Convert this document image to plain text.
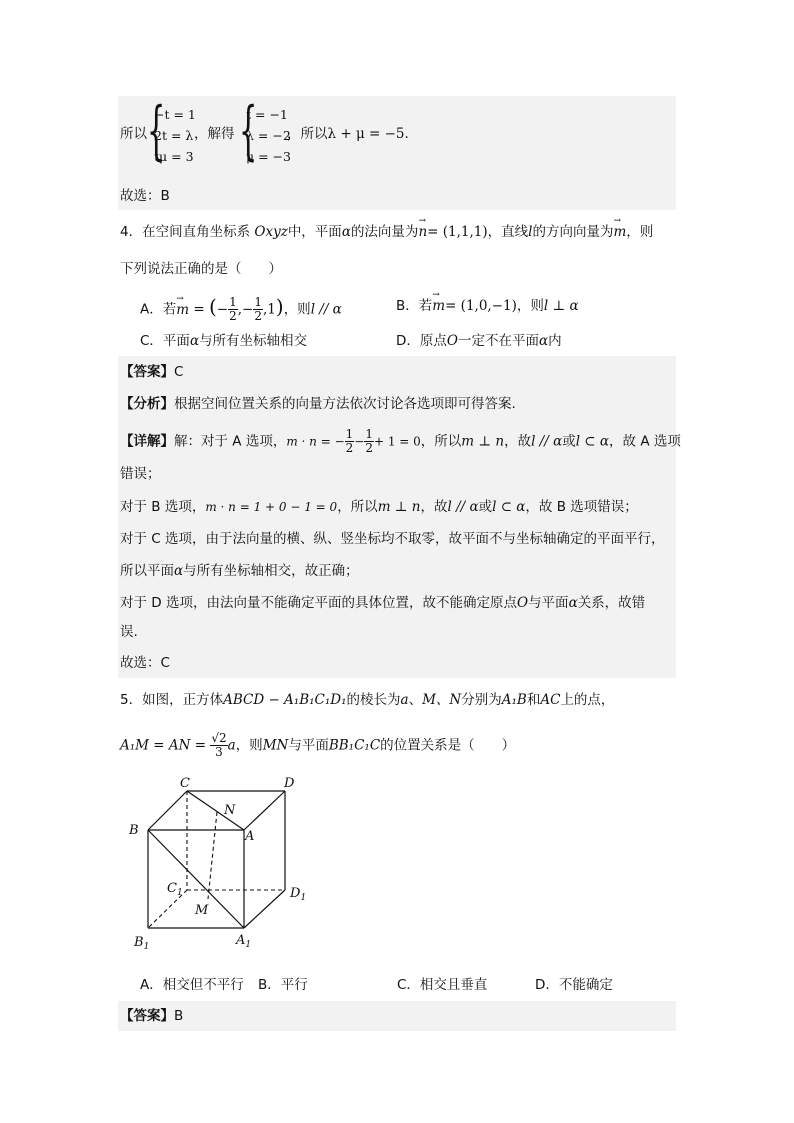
所以 {
−t = 1
2t = λ
tμ = 3
，解得 {
t = −1
λ = −2
μ = −3
，所以λ + μ = −5.
故选：B
4．在空间直角坐标系 Oxyz中，平面α的法向量为→ n= (1,1,1)，直线l的方向向量为→ m，则
下列说法正确的是（　　）
A．若→ m = (− $\frac{1}{2}$ ,− $\frac{1}{2} ,1$)，则l // α	B．若→ m= (1,0,−1)，则l ⊥ α
C．平面α与所有坐标轴相交	D．原点O一定不在平面α内
【答案】C
【分析】根据空间位置关系的向量方法依次讨论各选项即可得答案.
【详解】解：对于 A 选项，m · n = − $\frac{1}{2} - \frac{1}{2} + 1 = 0$，所以m ⊥ n，故l // α或l ⊂ α，故 A 选项
错误；
对于 B 选项，m · n = 1 + 0 − 1 = 0，所以m ⊥ n，故l // α或l ⊂ α，故 B 选项错误；
对于 C 选项，由于法向量的横、纵、竖坐标均不取零，故平面不与坐标轴确定的平面平行，
所以平面α与所有坐标轴相交，故正确；
对于 D 选项，由法向量不能确定平面的具体位置，故不能确定原点O与平面α关系，故错
误.
故选：C
5．如图，正方体ABCD − A₁B₁C₁D₁的棱长为a、M、N分别为A₁B和AC上的点，
A₁M = AN = $\frac{√2}{3}$ a，则MN与平面BB₁C₁C的位置关系是（　　）
C	D
N
B	A
$C_1$	$D_1$
M
$B_1$	$A_1$
A．相交但不平行 B．平行	C．相交且垂直	D．不能确定
【答案】B
